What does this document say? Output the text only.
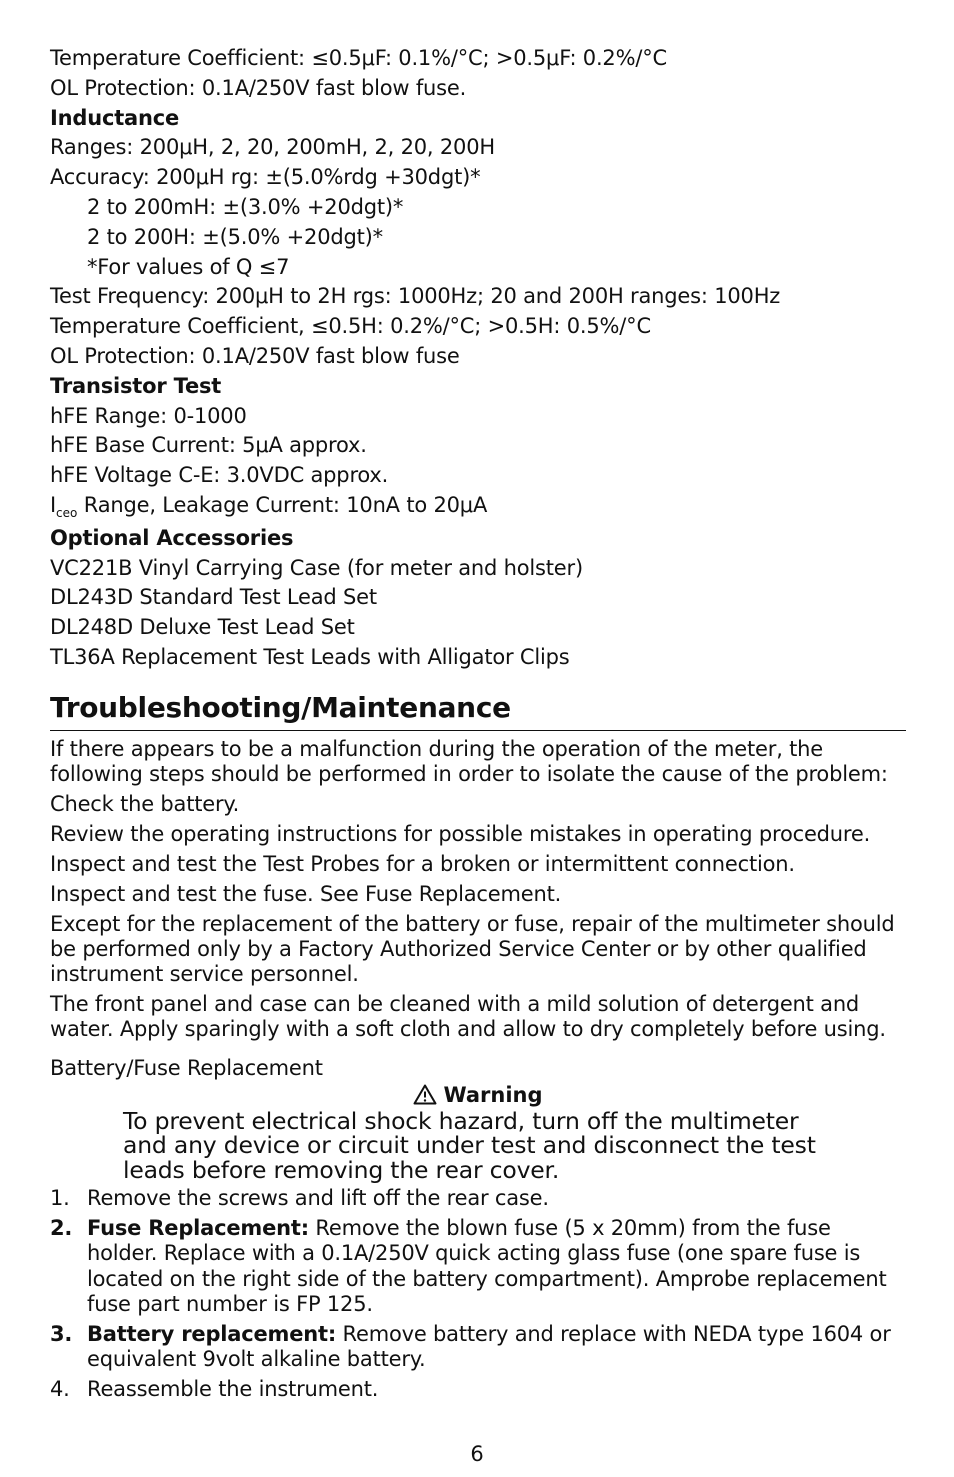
Temperature Coefficient: ≤0.5μF: 0.1%/°C; >0.5μF: 0.2%/°C
OL Protection: 0.1A/250V fast blow fuse.
Inductance
Ranges: 200μH, 2, 20, 200mH, 2, 20, 200H
Accuracy: 200μH rg: ±(5.0%rdg +30dgt)*
2 to 200mH: ±(3.0% +20dgt)*
2 to 200H: ±(5.0% +20dgt)*
*For values of Q ≤7
Test Frequency: 200μH to 2H rgs: 1000Hz; 20 and 200H ranges: 100Hz
Temperature Coefficient, ≤0.5H: 0.2%/°C; >0.5H: 0.5%/°C
OL Protection: 0.1A/250V fast blow fuse
Transistor Test
hFE Range: 0-1000
hFE Base Current: 5μA approx.
hFE Voltage C-E: 3.0VDC approx.
$I_{ceo}$ Range, Leakage Current: 10nA to 20μA
Optional Accessories
VC221B Vinyl Carrying Case (for meter and holster)
DL243D Standard Test Lead Set
DL248D Deluxe Test Lead Set
TL36A Replacement Test Leads with Alligator Clips
Troubleshooting/Maintenance
If there appears to be a malfunction during the operation of the meter, the following steps should be performed in order to isolate the cause of the problem:
Check the battery.
Review the operating instructions for possible mistakes in operating procedure.
Inspect and test the Test Probes for a broken or intermittent connection.
Inspect and test the fuse. See Fuse Replacement.
Except for the replacement of the battery or fuse, repair of the multimeter should be performed only by a Factory Authorized Service Center or by other qualified instrument service personnel.
The front panel and case can be cleaned with a mild solution of detergent and water. Apply sparingly with a soft cloth and allow to dry completely before using.
Battery/Fuse Replacement
Warning
To prevent electrical shock hazard, turn off the multimeter and any device or circuit under test and disconnect the test leads before removing the rear cover.
1. Remove the screws and lift off the rear case.
2. Fuse Replacement: Remove the blown fuse (5 x 20mm) from the fuse holder. Replace with a 0.1A/250V quick acting glass fuse (one spare fuse is located on the right side of the battery compartment). Amprobe replacement fuse part number is FP 125.
3. Battery replacement: Remove battery and replace with NEDA type 1604 or equivalent 9volt alkaline battery.
4. Reassemble the instrument.
6
